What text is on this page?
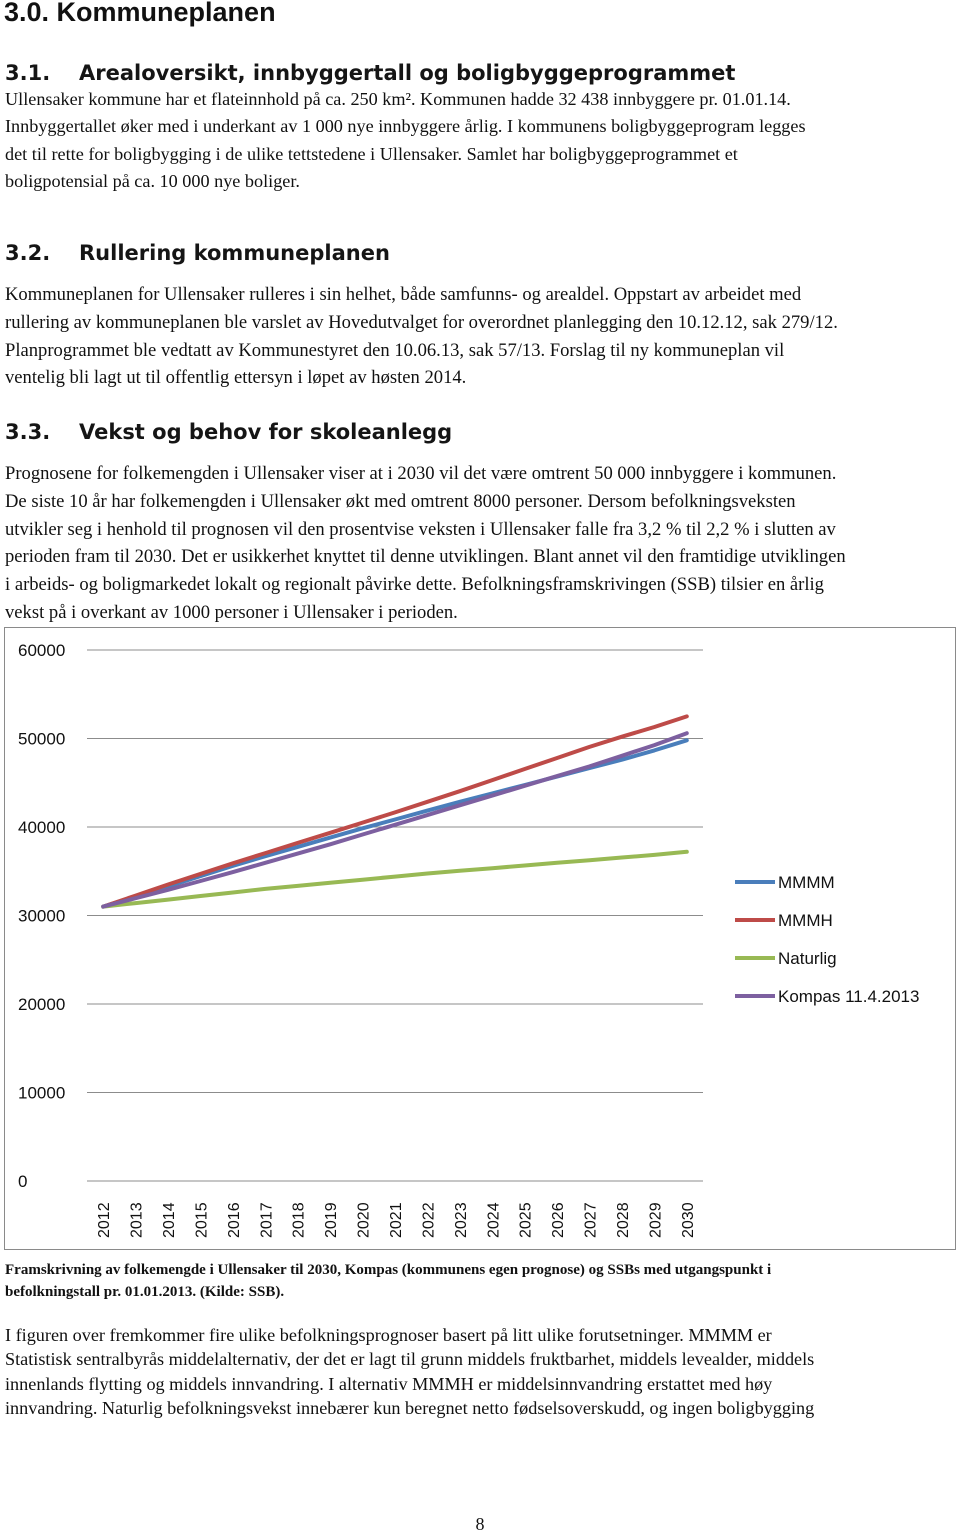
3.0. Kommuneplanen
3.1. Arealoversikt, innbyggertall og boligbyggeprogrammet
Ullensaker kommune har et flateinnhold på ca. 250 km². Kommunen hadde 32 438 innbyggere pr. 01.01.14.
Innbyggertallet øker med i underkant av 1 000 nye innbyggere årlig. I kommunens boligbyggeprogram legges
det til rette for boligbygging i de ulike tettstedene i Ullensaker. Samlet har boligbyggeprogrammet et
boligpotensial på ca. 10 000 nye boliger.
3.2. Rullering kommuneplanen
Kommuneplanen for Ullensaker rulleres i sin helhet, både samfunns- og arealdel. Oppstart av arbeidet med
rullering av kommuneplanen ble varslet av Hovedutvalget for overordnet planlegging den 10.12.12, sak 279/12.
Planprogrammet ble vedtatt av Kommunestyret den 10.06.13, sak 57/13. Forslag til ny kommuneplan vil
ventelig bli lagt ut til offentlig ettersyn i løpet av høsten 2014.
3.3. Vekst og behov for skoleanlegg
Prognosene for folkemengden i Ullensaker viser at i 2030 vil det være omtrent 50 000 innbyggere i kommunen.
De siste 10 år har folkemengden i Ullensaker økt med omtrent 8000 personer. Dersom befolkningsveksten
utvikler seg i henhold til prognosen vil den prosentvise veksten i Ullensaker falle fra 3,2 % til 2,2 % i slutten av
perioden fram til 2030. Det er usikkerhet knyttet til denne utviklingen. Blant annet vil den framtidige utviklingen
i arbeids- og boligmarkedet lokalt og regionalt påvirke dette. Befolkningsframskrivingen (SSB) tilsier en årlig
vekst på i overkant av 1000 personer i Ullensaker i perioden.
0
10000
20000
30000
40000
50000
60000
2012 2013 2014 2015 2016 2017 2018 2019 2020 2021 2022 2023 2024 2025 2026 2027 2028 2029 2030
MMMM
MMMH
Naturlig
Kompas 11.4.2013
Framskrivning av folkemengde i Ullensaker til 2030, Kompas (kommunens egen prognose) og SSBs med utgangspunkt i
befolkningstall pr. 01.01.2013. (Kilde: SSB).
I figuren over fremkommer fire ulike befolkningsprognoser basert på litt ulike forutsetninger. MMMM er
Statistisk sentralbyrås middelalternativ, der det er lagt til grunn middels fruktbarhet, middels levealder, middels
innenlands flytting og middels innvandring. I alternativ MMMH er middelsinnvandring erstattet med høy
innvandring. Naturlig befolkningsvekst innebærer kun beregnet netto fødselsoverskudd, og ingen boligbygging
8
